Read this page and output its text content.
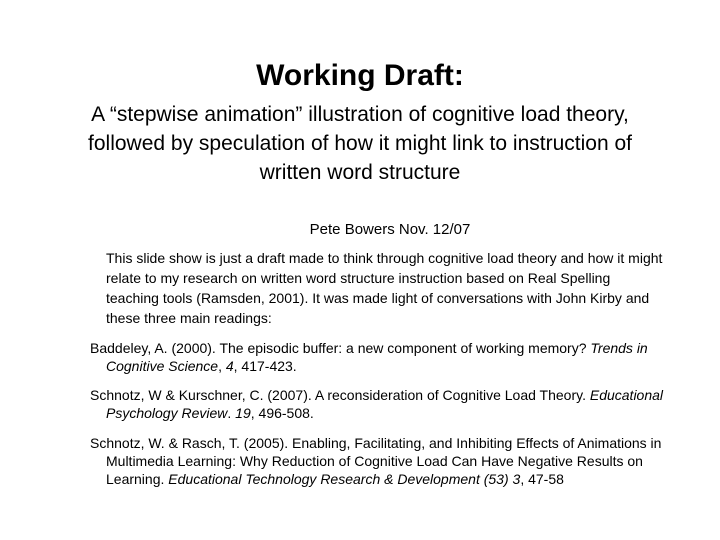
Working Draft:
A “stepwise animation” illustration of cognitive load theory, followed by speculation of how it might link to instruction of written word structure
Pete Bowers Nov. 12/07
This slide show is just a draft made to think through cognitive load theory and how it might relate to my research on written word structure instruction based on Real Spelling teaching tools (Ramsden, 2001). It was made light of conversations with John Kirby and these three main readings:
Baddeley, A. (2000). The episodic buffer: a new component of working memory? Trends in Cognitive Science, 4, 417-423.
Schnotz, W & Kurschner, C. (2007). A reconsideration of Cognitive Load Theory. Educational Psychology Review. 19, 496-508.
Schnotz, W. & Rasch, T. (2005). Enabling, Facilitating, and Inhibiting Effects of Animations in Multimedia Learning: Why Reduction of Cognitive Load Can Have Negative Results on Learning. Educational Technology Research & Development (53) 3, 47-58
